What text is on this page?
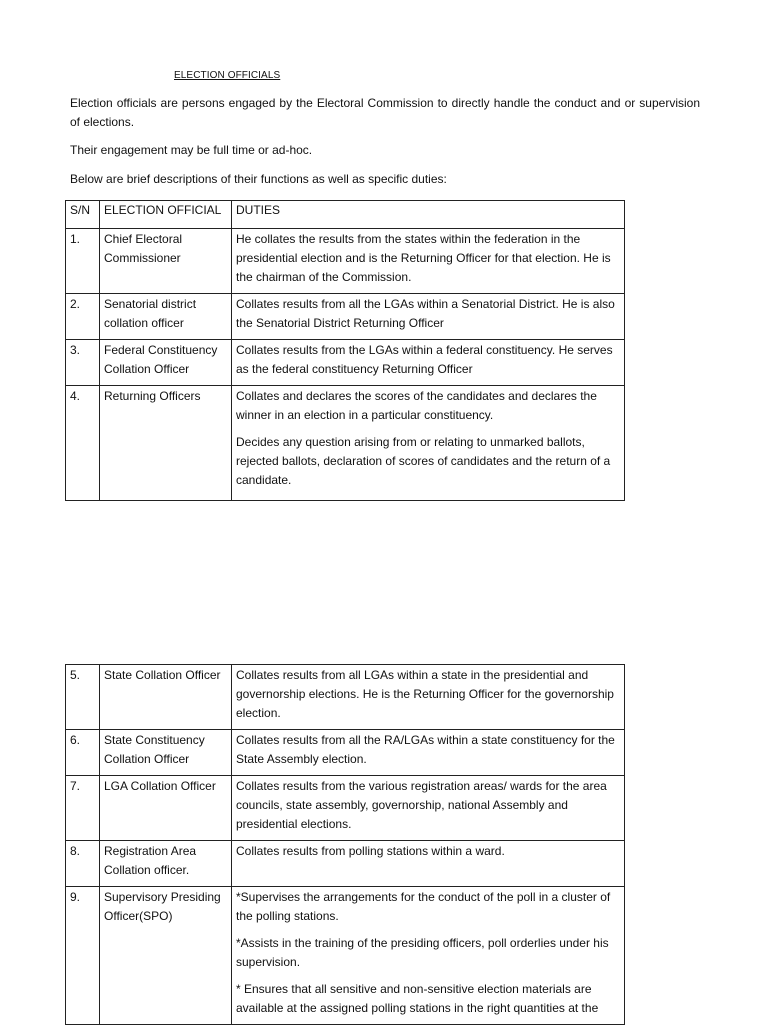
ELECTION OFFICIALS
Election officials are persons engaged by the Electoral Commission to directly handle the conduct and or supervision of elections.
Their engagement may be full time or ad-hoc.
Below are brief descriptions of their functions as well as specific duties:
S/N	ELECTION OFFICIAL	DUTIES
1.	Chief Electoral Commissioner	He collates the results from the states within the federation in the presidential election and is the Returning Officer for that election. He is the chairman of the Commission.
2.	Senatorial district collation officer	Collates results from all the LGAs within a Senatorial District. He is also the Senatorial District Returning Officer
3.	Federal Constituency Collation Officer	Collates results from the LGAs within a federal constituency. He serves as the federal constituency Returning Officer
4.	Returning Officers	Collates and declares the scores of the candidates and declares the winner in an election in a particular constituency.
Decides any question arising from or relating to unmarked ballots, rejected ballots, declaration of scores of candidates and the return of a candidate.
5.	State Collation Officer	Collates results from all LGAs within a state in the presidential and governorship elections. He is the Returning Officer for the governorship election.
6.	State Constituency Collation Officer	Collates results from all the RA/LGAs within a state constituency for the State Assembly election.
7.	LGA Collation Officer	Collates results from the various registration areas/ wards for the area councils, state assembly, governorship, national Assembly and presidential elections.
8.	Registration Area Collation officer.	Collates results from polling stations within a ward.
9.	Supervisory Presiding Officer(SPO)	*Supervises the arrangements for the conduct of the poll in a cluster of the polling stations.
*Assists in the training of the presiding officers, poll orderlies under his supervision.
* Ensures that all sensitive and non-sensitive election materials are available at the assigned polling stations in the right quantities at the
